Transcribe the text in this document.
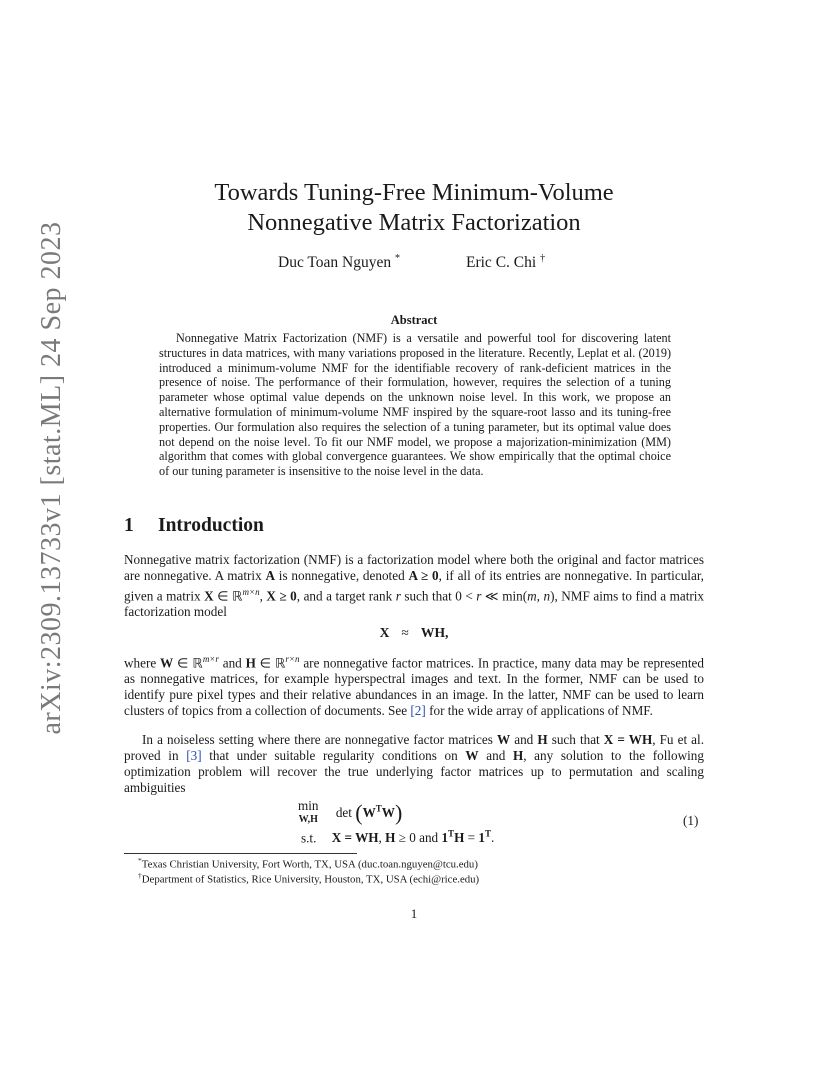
arXiv:2309.13733v1 [stat.ML] 24 Sep 2023
Towards Tuning-Free Minimum-Volume
Nonnegative Matrix Factorization
Duc Toan Nguyen *	Eric C. Chi †
Abstract
Nonnegative Matrix Factorization (NMF) is a versatile and powerful tool for discovering latent structures in data matrices, with many variations proposed in the literature. Recently, Leplat et al. (2019) introduced a minimum-volume NMF for the identifiable recovery of rank-deficient matrices in the presence of noise. The performance of their formulation, however, requires the selection of a tuning parameter whose optimal value depends on the unknown noise level. In this work, we propose an alternative formulation of minimum-volume NMF inspired by the square-root lasso and its tuning-free properties. Our formulation also requires the selection of a tuning parameter, but its optimal value does not depend on the noise level. To fit our NMF model, we propose a majorization-minimization (MM) algorithm that comes with global convergence guarantees. We show empirically that the optimal choice of our tuning parameter is insensitive to the noise level in the data.
1 Introduction
Nonnegative matrix factorization (NMF) is a factorization model where both the original and factor matrices are nonnegative. A matrix A is nonnegative, denoted A ≥ 0, if all of its entries are nonnegative. In particular, given a matrix X ∈ ℝ$^{m\times n}$, X ≥ 0, and a target rank r such that 0 < r ≪ min(m, n), NMF aims to find a matrix factorization model
X ≈ WH,
where W ∈ ℝ$^{m\times r}$ and H ∈ ℝ$^{r\times n}$ are nonnegative factor matrices. In practice, many data may be represented as nonnegative matrices, for example hyperspectral images and text. In the former, NMF can be used to identify pure pixel types and their relative abundances in an image. In the latter, NMF can be used to learn clusters of topics from a collection of documents. See [2] for the wide array of applications of NMF.
In a noiseless setting where there are nonnegative factor matrices W and H such that X = WH, Fu et al. proved in [3] that under suitable regularity conditions on W and H, any solution to the following optimization problem will recover the true underlying factor matrices up to permutation and scaling ambiguities
min
W,H $\det (W^TW)$
s.t. X = WH, H ≥ 0 and $1^TH = 1^T$.
(1)
*Texas Christian University, Fort Worth, TX, USA (duc.toan.nguyen@tcu.edu)
†Department of Statistics, Rice University, Houston, TX, USA (echi@rice.edu)
1
